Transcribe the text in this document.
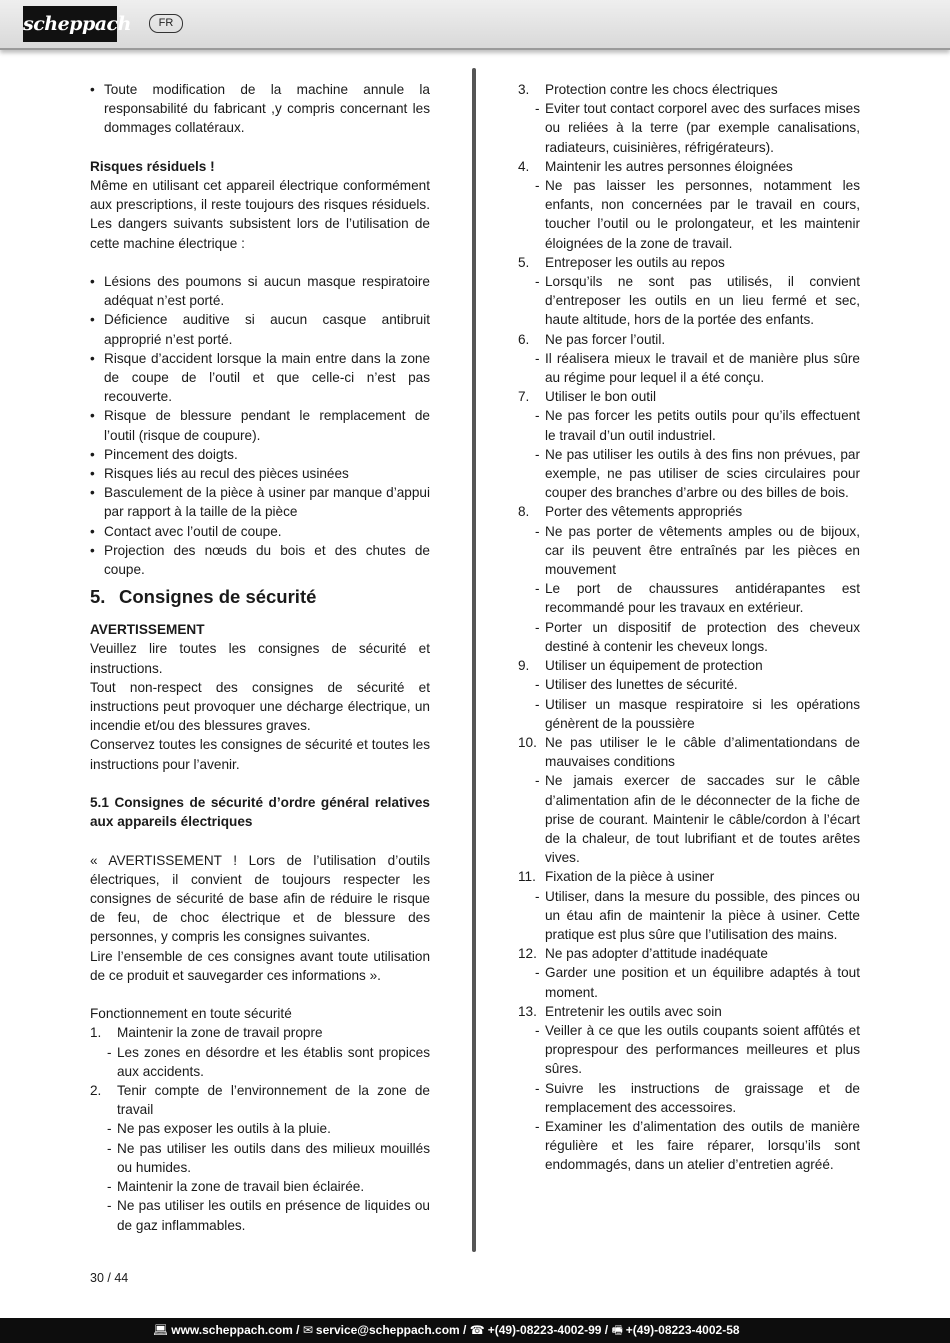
scheppach	FR
• Toute modification de la machine annule la responsabilité du fabricant ,y compris concernant les dommages collatéraux.

Risques résiduels !

Même en utilisant cet appareil électrique conformément aux prescriptions, il reste toujours des risques résiduels. Les dangers suivants subsistent lors de l’utilisation de cette machine électrique :

• Lésions des poumons si aucun masque respiratoire adéquat n’est porté.
• Déficience auditive si aucun casque antibruit approprié n’est porté.
• Risque d’accident lorsque la main entre dans la zone de coupe de l’outil et que celle-ci n’est pas recouverte.
• Risque de blessure pendant le remplacement de l’outil (risque de coupure).
• Pincement des doigts.
• Risques liés au recul des pièces usinées
• Basculement de la pièce à usiner par manque d’appui par rapport à la taille de la pièce
• Contact avec l’outil de coupe.
• Projection des nœuds du bois et des chutes de coupe.
5. Consignes de sécurité

AVERTISSEMENT

Veuillez lire toutes les consignes de sécurité et instructions.

Tout non-respect des consignes de sécurité et instructions peut provoquer une décharge électrique, un incendie et/ou des blessures graves.

Conservez toutes les consignes de sécurité et toutes les instructions pour l’avenir.

5.1 Consignes de sécurité d’ordre général relatives aux appareils électriques

« AVERTISSEMENT ! Lors de l’utilisation d’outils électriques, il convient de toujours respecter les consignes de sécurité de base afin de réduire le risque de feu, de choc électrique et de blessure des personnes, y compris les consignes suivantes.

Lire l’ensemble de ces consignes avant toute utilisation de ce produit et sauvegarder ces informations ».

Fonctionnement en toute sécurité

1.	Maintenir la zone de travail propre
- Les zones en désordre et les établis sont propices aux accidents.
2.	Tenir compte de l’environnement de la zone de travail
- Ne pas exposer les outils à la pluie.
- Ne pas utiliser les outils dans des milieux mouillés ou humides.
- Maintenir la zone de travail bien éclairée.
- Ne pas utiliser les outils en présence de liquides ou de gaz inflammables.
3.	Protection contre les chocs électriques
- Eviter tout contact corporel avec des surfaces mises ou reliées à la terre (par exemple canalisations, radiateurs, cuisinières, réfrigérateurs).
4.	Maintenir les autres personnes éloignées
- Ne pas laisser les personnes, notamment les enfants, non concernées par le travail en cours, toucher l’outil ou le prolongateur, et les maintenir éloignées de la zone de travail.
5.	Entreposer les outils au repos
- Lorsqu’ils ne sont pas utilisés, il convient d’entreposer les outils en un lieu fermé et sec, haute altitude, hors de la portée des enfants.
6.	Ne pas forcer l’outil.
- Il réalisera mieux le travail et de manière plus sûre au régime pour lequel il a été conçu.
7.	Utiliser le bon outil
- Ne pas forcer les petits outils pour qu’ils effectuent le travail d’un outil industriel.
- Ne pas utiliser les outils à des fins non prévues, par exemple, ne pas utiliser de scies circulaires pour couper des branches d’arbre ou des billes de bois.
8.	Porter des vêtements appropriés
- Ne pas porter de vêtements amples ou de bijoux, car ils peuvent être entraînés par les pièces en mouvement
- Le port de chaussures antidérapantes est recommandé pour les travaux en extérieur.
- Porter un dispositif de protection des cheveux destiné à contenir les cheveux longs.
9.	Utiliser un équipement de protection
- Utiliser des lunettes de sécurité.
- Utiliser un masque respiratoire si les opérations génèrent de la poussière
10. Ne pas utiliser le le câble d’alimentationdans de mauvaises conditions
- Ne jamais exercer de saccades sur le câble d’alimentation afin de le déconnecter de la fiche de prise de courant. Maintenir le câble/cordon à l’écart de la chaleur, de tout lubrifiant et de toutes arêtes vives.
11. Fixation de la pièce à usiner
- Utiliser, dans la mesure du possible, des pinces ou un étau afin de maintenir la pièce à usiner. Cette pratique est plus sûre que l’utilisation des mains.
12. Ne pas adopter d’attitude inadéquate
- Garder une position et un équilibre adaptés à tout moment.
13. Entretenir les outils avec soin
- Veiller à ce que les outils coupants soient affûtés et proprespour des performances meilleures et plus sûres.
- Suivre les instructions de graissage et de remplacement des accessoires.
- Examiner les d’alimentation des outils de manière régulière et les faire réparer, lorsqu’ils sont endommagés, dans un atelier d’entretien agréé.
30 / 44
💻︎ www.scheppach.com / ✉ service@scheppach.com / ☎ +(49)-08223-4002-99 / 🖷 +(49)-08223-4002-58
